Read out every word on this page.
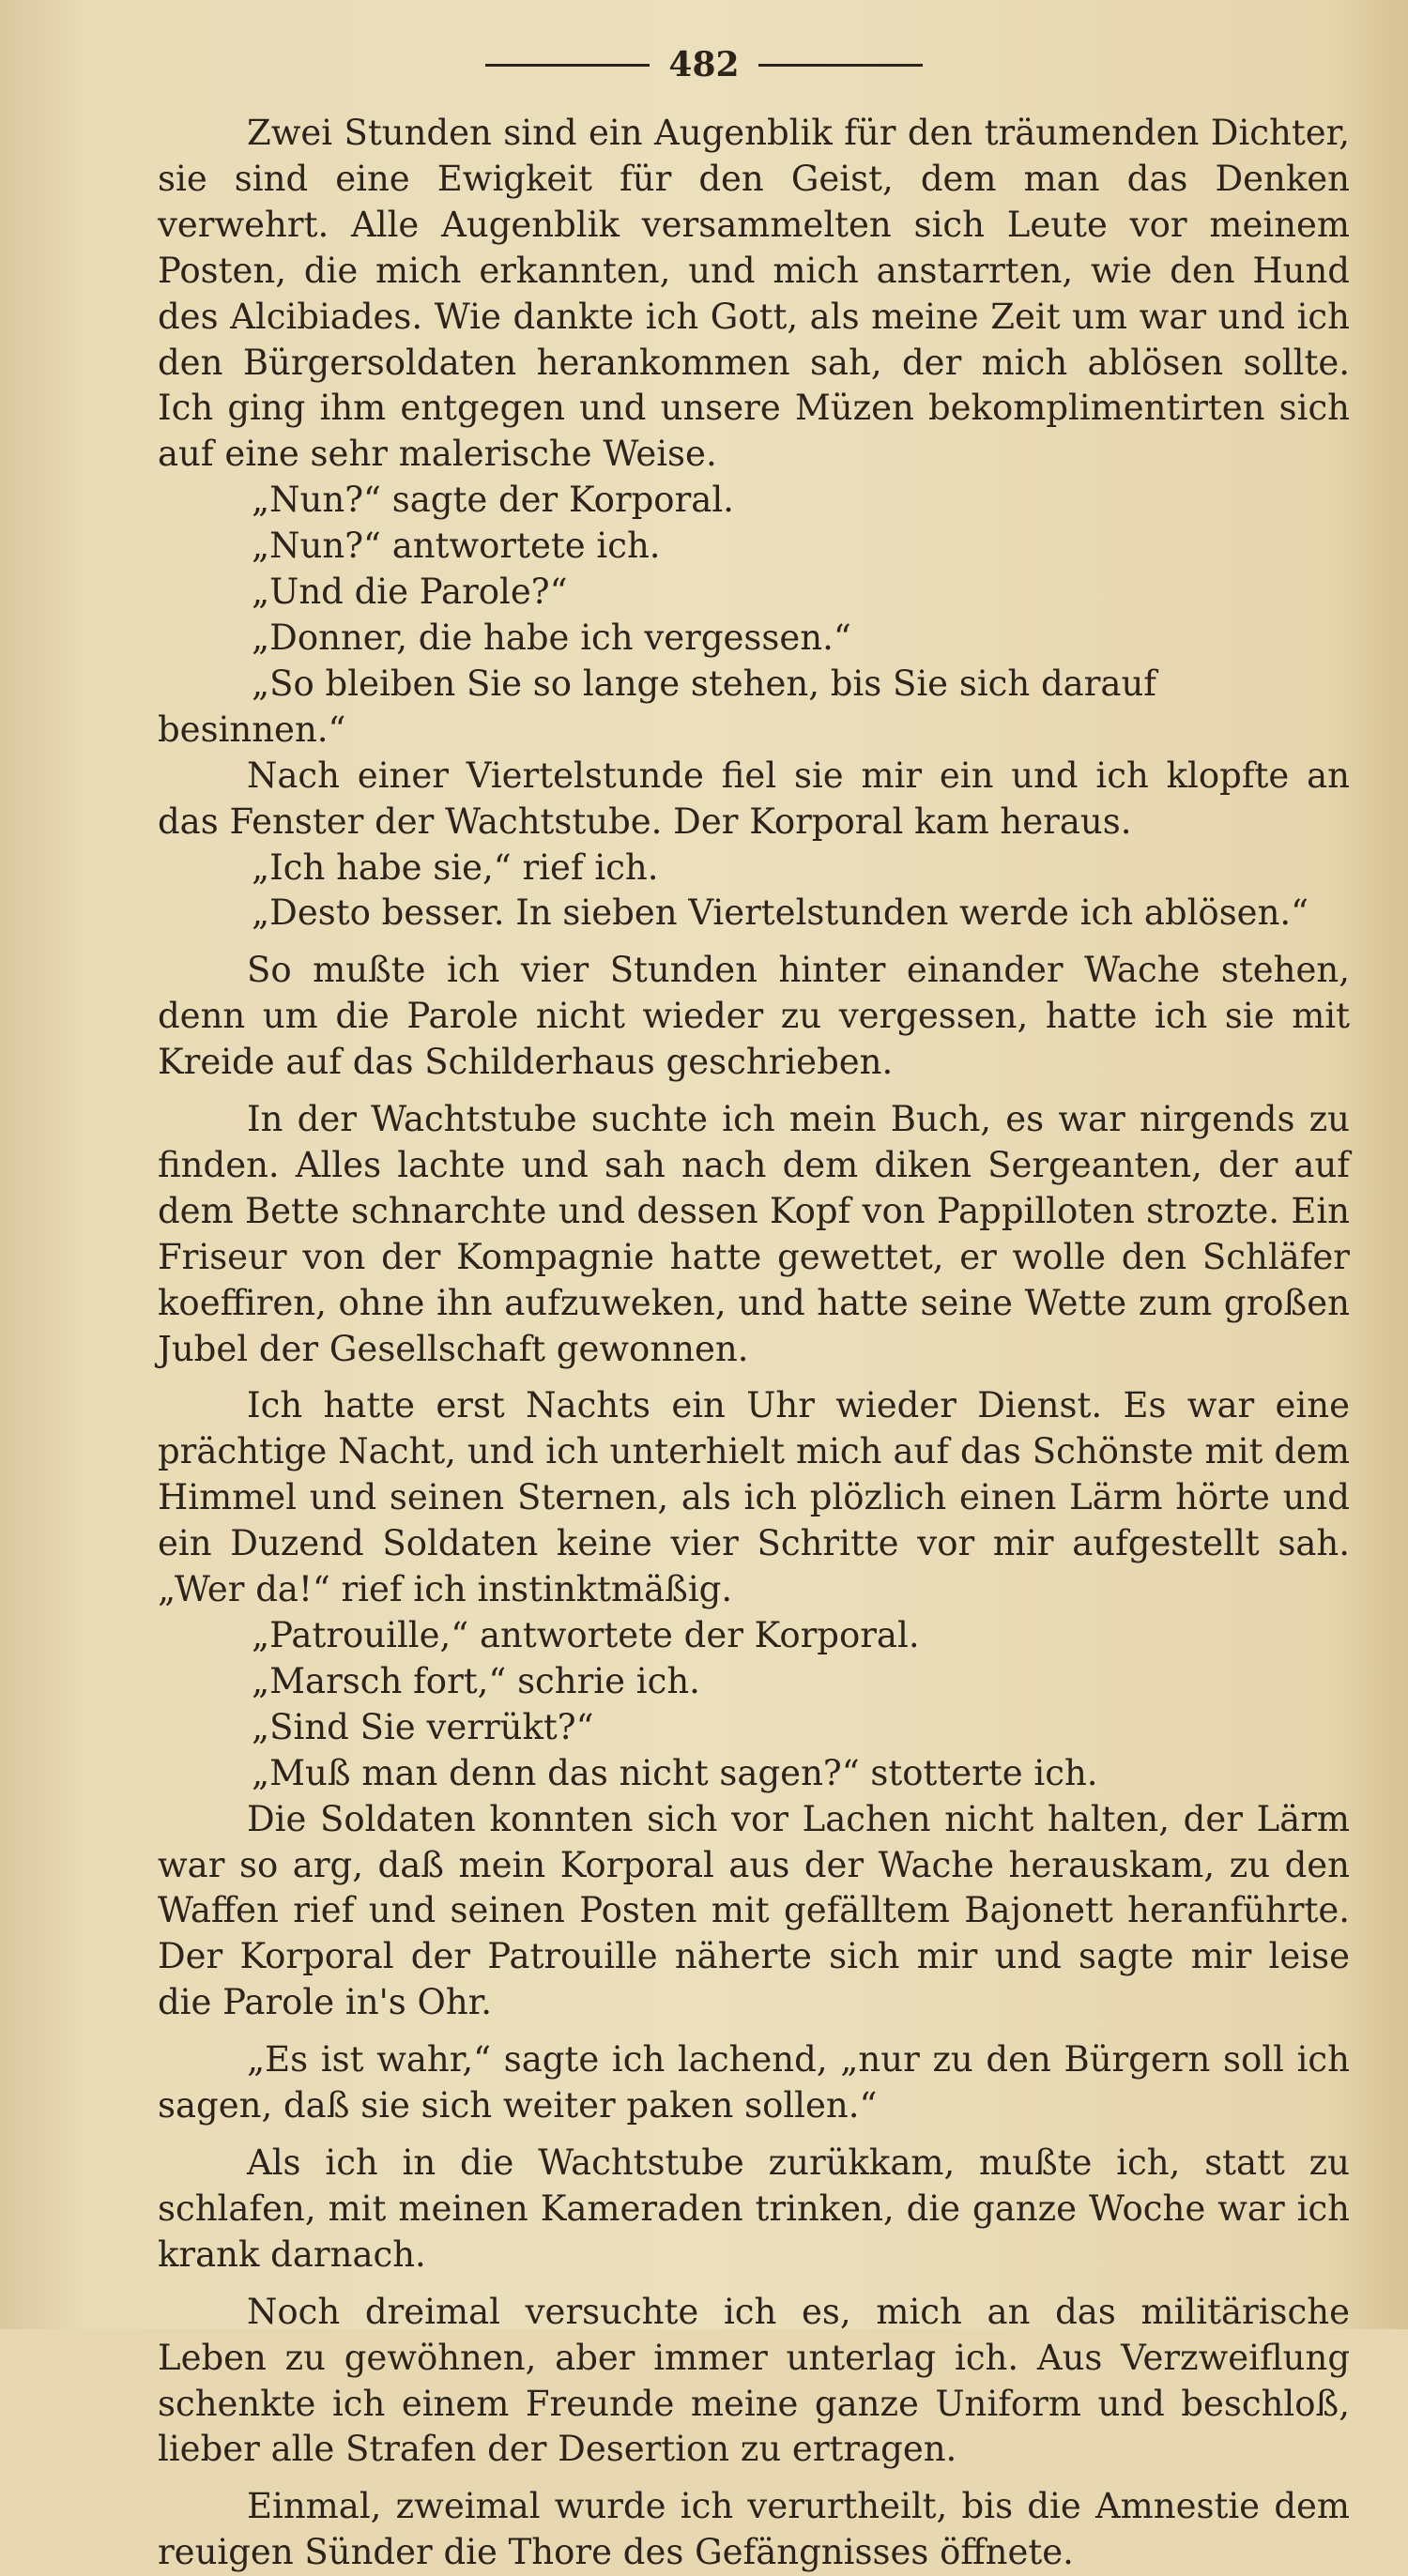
482

Zwei Stunden sind ein Augenblik für den träumenden Dichter, sie sind eine Ewigkeit für den Geist, dem man das Denken verwehrt. Alle Augenblik versammelten sich Leute vor meinem Posten, die mich erkannten, und mich anstarrten, wie den Hund des Alcibiades. Wie dankte ich Gott, als meine Zeit um war und ich den Bürgersoldaten herankommen sah, der mich ablösen sollte. Ich ging ihm entgegen und unsere Müzen bekomplimentirten sich auf eine sehr malerische Weise.

„Nun?“ sagte der Korporal.

„Nun?“ antwortete ich.

„Und die Parole?“

„Donner, die habe ich vergessen.“

„So bleiben Sie so lange stehen, bis Sie sich darauf besinnen.“

Nach einer Viertelstunde fiel sie mir ein und ich klopfte an das Fenster der Wachtstube. Der Korporal kam heraus.

„Ich habe sie,“ rief ich.

„Desto besser. In sieben Viertelstunden werde ich ablösen.“

So mußte ich vier Stunden hinter einander Wache stehen, denn um die Parole nicht wieder zu vergessen, hatte ich sie mit Kreide auf das Schilderhaus geschrieben.

In der Wachtstube suchte ich mein Buch, es war nirgends zu finden. Alles lachte und sah nach dem diken Sergeanten, der auf dem Bette schnarchte und dessen Kopf von Pappilloten strozte. Ein Friseur von der Kompagnie hatte gewettet, er wolle den Schläfer koeffiren, ohne ihn aufzuweken, und hatte seine Wette zum großen Jubel der Gesellschaft gewonnen.

Ich hatte erst Nachts ein Uhr wieder Dienst. Es war eine prächtige Nacht, und ich unterhielt mich auf das Schönste mit dem Himmel und seinen Sternen, als ich plözlich einen Lärm hörte und ein Duzend Soldaten keine vier Schritte vor mir aufgestellt sah. „Wer da!“ rief ich instinktmäßig.

„Patrouille,“ antwortete der Korporal.

„Marsch fort,“ schrie ich.

„Sind Sie verrükt?“

„Muß man denn das nicht sagen?“ stotterte ich.

Die Soldaten konnten sich vor Lachen nicht halten, der Lärm war so arg, daß mein Korporal aus der Wache herauskam, zu den Waffen rief und seinen Posten mit gefälltem Bajonett heranführte. Der Korporal der Patrouille näherte sich mir und sagte mir leise die Parole in's Ohr.

„Es ist wahr,“ sagte ich lachend, „nur zu den Bürgern soll ich sagen, daß sie sich weiter paken sollen.“

Als ich in die Wachtstube zurükkam, mußte ich, statt zu schlafen, mit meinen Kameraden trinken, die ganze Woche war ich krank darnach.

Noch dreimal versuchte ich es, mich an das militärische Leben zu gewöhnen, aber immer unterlag ich. Aus Verzweiflung schenkte ich einem Freunde meine ganze Uniform und beschloß, lieber alle Strafen der Desertion zu ertragen.

Einmal, zweimal wurde ich verurtheilt, bis die Amnestie dem reuigen Sünder die Thore des Gefängnisses öffnete.
